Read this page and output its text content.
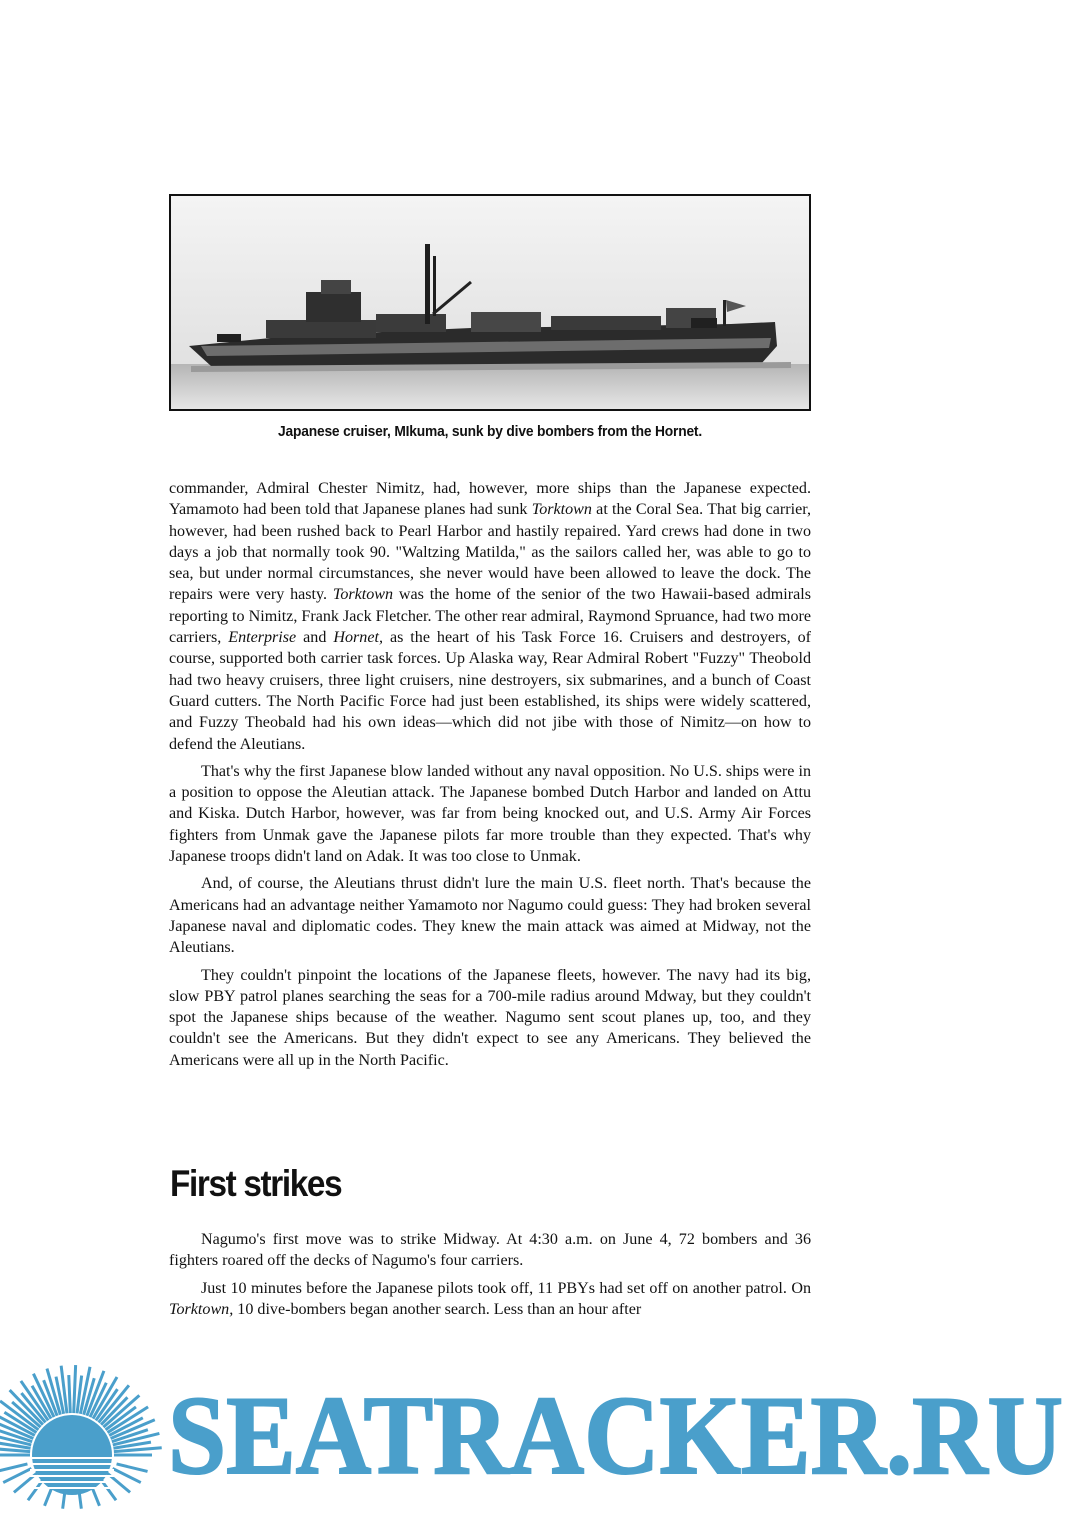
Japanese cruiser, MIkuma, sunk by dive bombers from the Hornet.

commander, Admiral Chester Nimitz, had, however, more ships than the Japanese expected. Yamamoto had been told that Japanese planes had sunk Torktown at the Coral Sea. That big carrier, however, had been rushed back to Pearl Harbor and hastily repaired. Yard crews had done in two days a job that normally took 90. "Waltzing Matilda," as the sailors called her, was able to go to sea, but under normal circumstances, she never would have been allowed to leave the dock. The repairs were very hasty. Torktown was the home of the senior of the two Hawaii-based admirals reporting to Nimitz, Frank Jack Fletcher. The other rear admiral, Raymond Spruance, had two more carriers, Enterprise and Hornet, as the heart of his Task Force 16. Cruisers and destroyers, of course, supported both carrier task forces. Up Alaska way, Rear Admiral Robert "Fuzzy" Theobold had two heavy cruisers, three light cruisers, nine destroyers, six submarines, and a bunch of Coast Guard cutters. The North Pacific Force had just been established, its ships were widely scattered, and Fuzzy Theobald had his own ideas—which did not jibe with those of Nimitz—on how to defend the Aleutians.

That's why the first Japanese blow landed without any naval opposition. No U.S. ships were in a position to oppose the Aleutian attack. The Japanese bombed Dutch Harbor and landed on Attu and Kiska. Dutch Harbor, however, was far from being knocked out, and U.S. Army Air Forces fighters from Unmak gave the Japanese pilots far more trouble than they expected. That's why Japanese troops didn't land on Adak. It was too close to Unmak.

And, of course, the Aleutians thrust didn't lure the main U.S. fleet north. That's because the Americans had an advantage neither Yamamoto nor Nagumo could guess: They had broken several Japanese naval and diplomatic codes. They knew the main attack was aimed at Midway, not the Aleutians.

They couldn't pinpoint the locations of the Japanese fleets, however. The navy had its big, slow PBY patrol planes searching the seas for a 700-mile radius around Mdway, but they couldn't spot the Japanese ships because of the weather. Nagumo sent scout planes up, too, and they couldn't see the Americans. But they didn't expect to see any Americans. They believed the Americans were all up in the North Pacific.

First strikes

Nagumo's first move was to strike Midway. At 4:30 a.m. on June 4, 72 bombers and 36 fighters roared off the decks of Nagumo's four carriers.

Just 10 minutes before the Japanese pilots took off, 11 PBYs had set off on another patrol. On Torktown, 10 dive-bombers began another search. Less than an hour after

SEATRACKER.RU
